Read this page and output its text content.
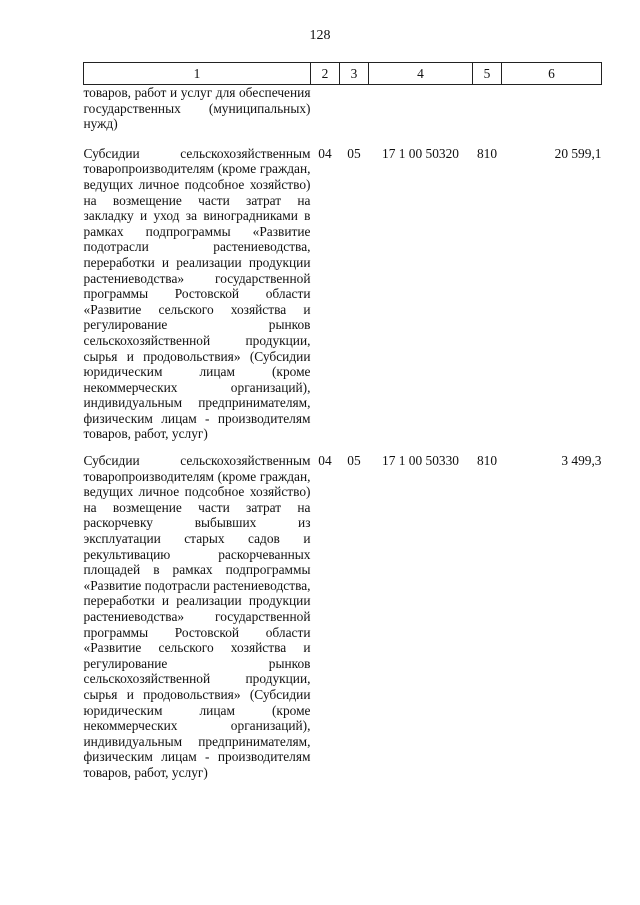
128
1	2	3	4	5	6
товаров, работ и услуг для обеспечения государственных (муниципальных) нужд)					
Субсидии сельскохозяйственным товаропроизводителям (кроме граждан, ведущих личное подсобное хозяйство) на возмещение части затрат на закладку и уход за виноградниками в рамках подпрограммы «Развитие подотрасли растениеводства, переработки и реализации продукции растениеводства» государственной программы Ростовской области «Развитие сельского хозяйства и регулирование рынков сельскохозяйственной продукции, сырья и продовольствия» (Субсидии юридическим лицам (кроме некоммерческих организаций), индивидуальным предпринимателям, физическим лицам - производителям товаров, работ, услуг)	04	05	17 1 00 50320	810	20 599,1
Субсидии сельскохозяйственным товаропроизводителям (кроме граждан, ведущих личное подсобное хозяйство) на возмещение части затрат на раскорчевку выбывших из эксплуатации старых садов и рекультивацию раскорчеванных площадей в рамках подпрограммы «Развитие подотрасли растениеводства, переработки и реализации продукции растениеводства» государственной программы Ростовской области «Развитие сельского хозяйства и регулирование рынков сельскохозяйственной продукции, сырья и продовольствия» (Субсидии юридическим лицам (кроме некоммерческих организаций), индивидуальным предпринимателям, физическим лицам - производителям товаров, работ, услуг)	04	05	17 1 00 50330	810	3 499,3
